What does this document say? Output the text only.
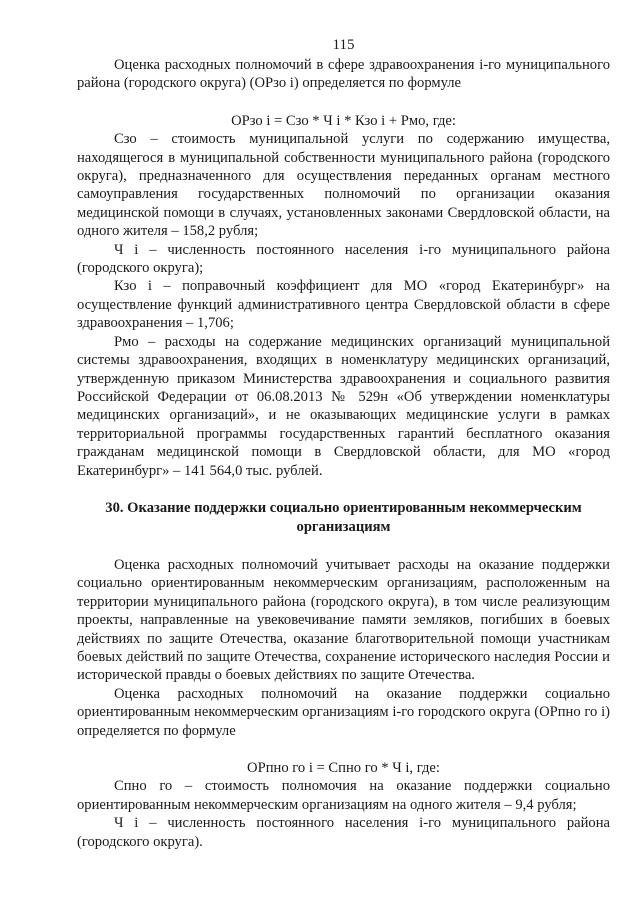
115

Оценка расходных полномочий в сфере здравоохранения i-го муниципального района (городского округа) (ОРзо i) определяется по формуле

ОРзо i = Сзо * Ч i * Кзо i + Рмо, где:

Сзо – стоимость муниципальной услуги по содержанию имущества, находящегося в муниципальной собственности муниципального района (городского округа), предназначенного для осуществления переданных органам местного самоуправления государственных полномочий по организации оказания медицинской помощи в случаях, установленных законами Свердловской области, на одного жителя – 158,2 рубля;

Ч i – численность постоянного населения i-го муниципального района (городского округа);

Кзо i – поправочный коэффициент для МО «город Екатеринбург» на осуществление функций административного центра Свердловской области в сфере здравоохранения – 1,706;

Рмо – расходы на содержание медицинских организаций муниципальной системы здравоохранения, входящих в номенклатуру медицинских организаций, утвержденную приказом Министерства здравоохранения и социального развития Российской Федерации от 06.08.2013 № 529н «Об утверждении номенклатуры медицинских организаций», и не оказывающих медицинские услуги в рамках территориальной программы государственных гарантий бесплатного оказания гражданам медицинской помощи в Свердловской области, для МО «город Екатеринбург» – 141 564,0 тыс. рублей.

30. Оказание поддержки социально ориентированным некоммерческим организациям

Оценка расходных полномочий учитывает расходы на оказание поддержки социально ориентированным некоммерческим организациям, расположенным на территории муниципального района (городского округа), в том числе реализующим проекты, направленные на увековечивание памяти земляков, погибших в боевых действиях по защите Отечества, оказание благотворительной помощи участникам боевых действий по защите Отечества, сохранение исторического наследия России и исторической правды о боевых действиях по защите Отечества.

Оценка расходных полномочий на оказание поддержки социально ориентированным некоммерческим организациям i-го городского округа (ОРпно го i) определяется по формуле

ОРпно го i = Спно го * Ч i, где:

Спно го – стоимость полномочия на оказание поддержки социально ориентированным некоммерческим организациям на одного жителя – 9,4 рубля;

Ч i – численность постоянного населения i-го муниципального района (городского округа).
